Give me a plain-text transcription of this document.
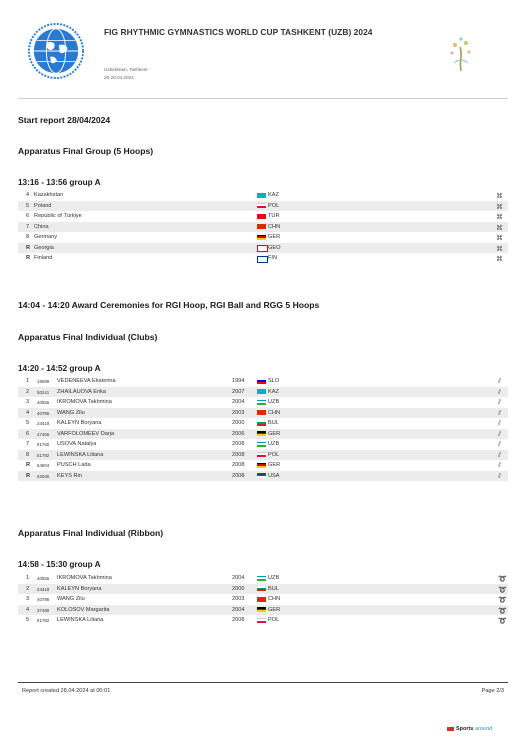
FIG RHYTHMIC GYMNASTICS WORLD CUP TASHKENT (UZB) 2024
Uzbekistan, Tashkent
26-28.04.2024
Start report 28/04/2024
Apparatus Final Group (5 Hoops)
13:16 - 13:56 group A
4 Kazakhstan	KAZ	⌘
5 Poland	POL	⌘
6 Republic of Türkiye	TUR	⌘
7 China	CHN	⌘
8 Germany	GER	⌘
R Georgia	GEO	⌘
R Finland	FIN	⌘
14:04 - 14:20 Award Ceremonies for RGI Hoop, RGI Ball and RGG 5 Hoops
Apparatus Final Individual (Clubs)
14:20 - 14:52 group A
1 18089 VEDENEEVA Ekaterina	1994	SLO	⫽
2 50241 ZHAILAUOVA Erika	2007	KAZ	⫽
3 40556 IKROMOVA Takhmina	2004	UZB	⫽
4 40786 WANG Zilu	2003	CHN	⫽
5 24418 KALEYN Boryana	2000	BUL	⫽
6 47456 VARFOLOMEEV Darja	2006	GER	⫽
7 51760 USOVA Natalya	2008	UZB	⫽
8 51782 LEWINSKA Liliana	2008	POL	⫽
R 54504 PUSCH Lada	2008	GER	⫽
R 52046 KEYS Rin	2008	USA	⫽
Apparatus Final Individual (Ribbon)
14:58 - 15:30 group A
1 40556 IKROMOVA Takhmina	2004	UZB	➰
2 24418 KALEYN Boryana	2000	BUL	➰
3 40786 WANG Zilu	2003	CHN	➰
4 37480 KOLOSOV Margarita	2004	GER	➰
5 51782 LEWINSKA Liliana	2008	POL	➰
Report created 28.04.2024 at 00:01	Page 2/3
Sports around.
